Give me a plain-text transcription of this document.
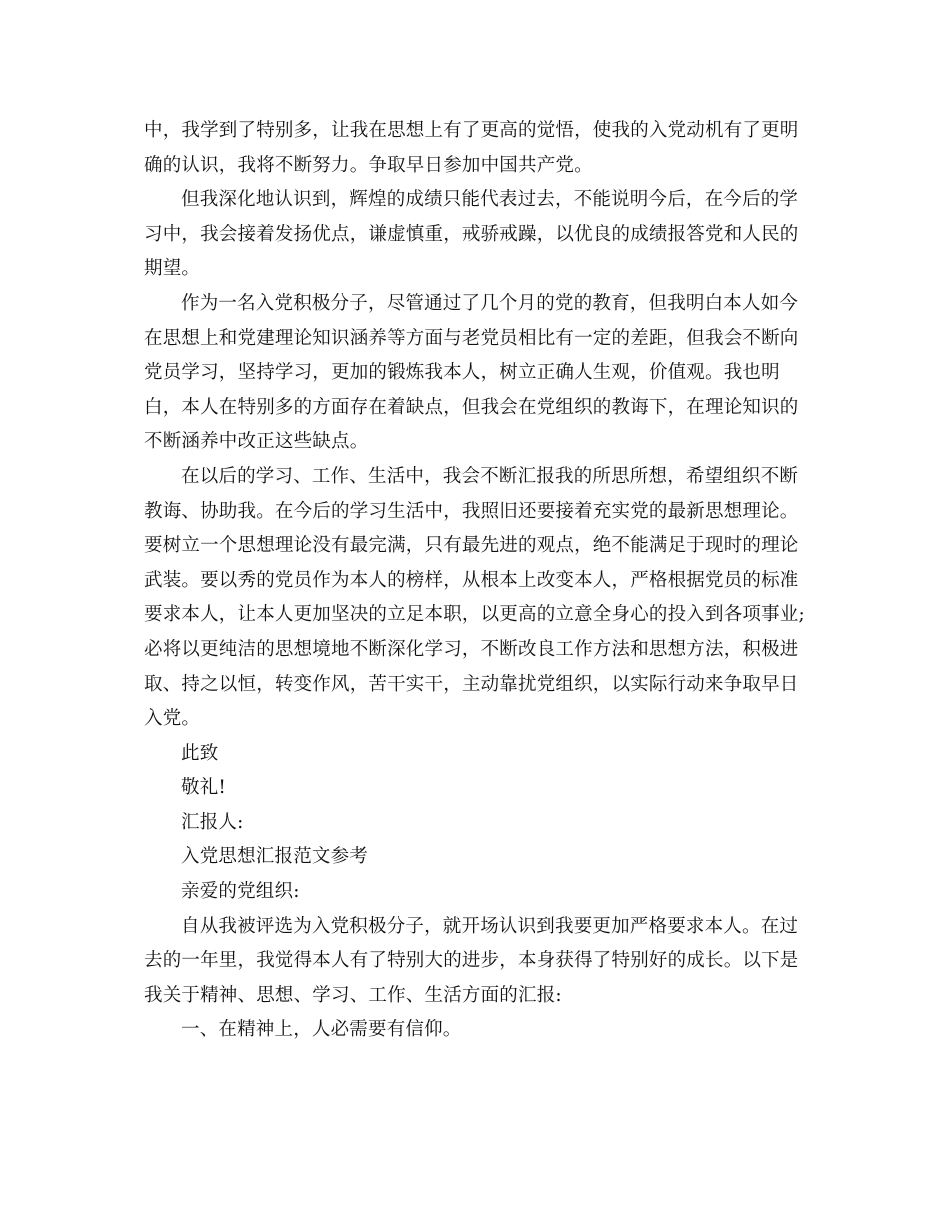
中，我学到了特别多，让我在思想上有了更高的觉悟，使我的入党动机有了更明
确的认识，我将不断努力。争取早日参加中国共产党。
但我深化地认识到，辉煌的成绩只能代表过去，不能说明今后，在今后的学
习中，我会接着发扬优点，谦虚慎重，戒骄戒躁，以优良的成绩报答党和人民的
期望。
作为一名入党积极分子，尽管通过了几个月的党的教育，但我明白本人如今
在思想上和党建理论知识涵养等方面与老党员相比有一定的差距，但我会不断向
党员学习，坚持学习，更加的锻炼我本人，树立正确人生观，价值观。我也明
白，本人在特别多的方面存在着缺点，但我会在党组织的教诲下，在理论知识的
不断涵养中改正这些缺点。
在以后的学习、工作、生活中，我会不断汇报我的所思所想，希望组织不断
教诲、协助我。在今后的学习生活中，我照旧还要接着充实党的最新思想理论。
要树立一个思想理论没有最完满，只有最先进的观点，绝不能满足于现时的理论
武装。要以秀的党员作为本人的榜样，从根本上改变本人，严格根据党员的标准
要求本人，让本人更加坚决的立足本职，以更高的立意全身心的投入到各项事业;
必将以更纯洁的思想境地不断深化学习，不断改良工作方法和思想方法，积极进
取、持之以恒，转变作风，苦干实干，主动靠扰党组织，以实际行动来争取早日
入党。
此致
敬礼!
汇报人:
入党思想汇报范文参考
亲爱的党组织:
自从我被评选为入党积极分子，就开场认识到我要更加严格要求本人。在过
去的一年里，我觉得本人有了特别大的进步，本身获得了特别好的成长。以下是
我关于精神、思想、学习、工作、生活方面的汇报:
一、在精神上，人必需要有信仰。
